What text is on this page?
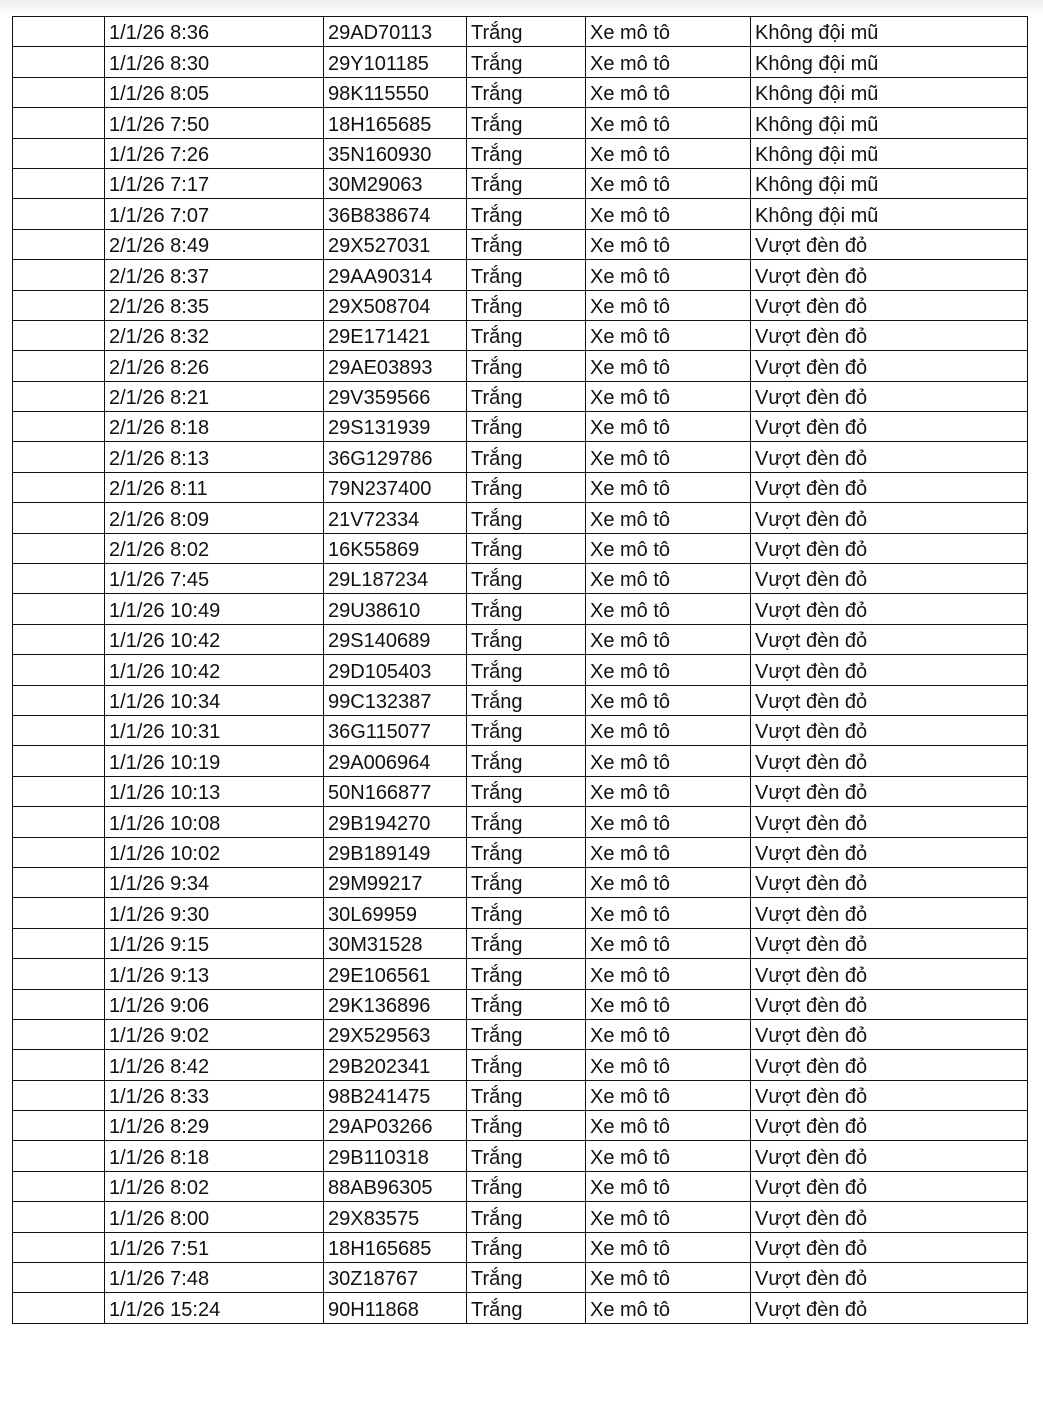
	1/1/26 8:36	29AD70113	Trắng	Xe mô tô	Không đội mũ
	1/1/26 8:30	29Y101185	Trắng	Xe mô tô	Không đội mũ
	1/1/26 8:05	98K115550	Trắng	Xe mô tô	Không đội mũ
	1/1/26 7:50	18H165685	Trắng	Xe mô tô	Không đội mũ
	1/1/26 7:26	35N160930	Trắng	Xe mô tô	Không đội mũ
	1/1/26 7:17	30M29063	Trắng	Xe mô tô	Không đội mũ
	1/1/26 7:07	36B838674	Trắng	Xe mô tô	Không đội mũ
	2/1/26 8:49	29X527031	Trắng	Xe mô tô	Vượt đèn đỏ
	2/1/26 8:37	29AA90314	Trắng	Xe mô tô	Vượt đèn đỏ
	2/1/26 8:35	29X508704	Trắng	Xe mô tô	Vượt đèn đỏ
	2/1/26 8:32	29E171421	Trắng	Xe mô tô	Vượt đèn đỏ
	2/1/26 8:26	29AE03893	Trắng	Xe mô tô	Vượt đèn đỏ
	2/1/26 8:21	29V359566	Trắng	Xe mô tô	Vượt đèn đỏ
	2/1/26 8:18	29S131939	Trắng	Xe mô tô	Vượt đèn đỏ
	2/1/26 8:13	36G129786	Trắng	Xe mô tô	Vượt đèn đỏ
	2/1/26 8:11	79N237400	Trắng	Xe mô tô	Vượt đèn đỏ
	2/1/26 8:09	21V72334	Trắng	Xe mô tô	Vượt đèn đỏ
	2/1/26 8:02	16K55869	Trắng	Xe mô tô	Vượt đèn đỏ
	1/1/26 7:45	29L187234	Trắng	Xe mô tô	Vượt đèn đỏ
	1/1/26 10:49	29U38610	Trắng	Xe mô tô	Vượt đèn đỏ
	1/1/26 10:42	29S140689	Trắng	Xe mô tô	Vượt đèn đỏ
	1/1/26 10:42	29D105403	Trắng	Xe mô tô	Vượt đèn đỏ
	1/1/26 10:34	99C132387	Trắng	Xe mô tô	Vượt đèn đỏ
	1/1/26 10:31	36G115077	Trắng	Xe mô tô	Vượt đèn đỏ
	1/1/26 10:19	29A006964	Trắng	Xe mô tô	Vượt đèn đỏ
	1/1/26 10:13	50N166877	Trắng	Xe mô tô	Vượt đèn đỏ
	1/1/26 10:08	29B194270	Trắng	Xe mô tô	Vượt đèn đỏ
	1/1/26 10:02	29B189149	Trắng	Xe mô tô	Vượt đèn đỏ
	1/1/26 9:34	29M99217	Trắng	Xe mô tô	Vượt đèn đỏ
	1/1/26 9:30	30L69959	Trắng	Xe mô tô	Vượt đèn đỏ
	1/1/26 9:15	30M31528	Trắng	Xe mô tô	Vượt đèn đỏ
	1/1/26 9:13	29E106561	Trắng	Xe mô tô	Vượt đèn đỏ
	1/1/26 9:06	29K136896	Trắng	Xe mô tô	Vượt đèn đỏ
	1/1/26 9:02	29X529563	Trắng	Xe mô tô	Vượt đèn đỏ
	1/1/26 8:42	29B202341	Trắng	Xe mô tô	Vượt đèn đỏ
	1/1/26 8:33	98B241475	Trắng	Xe mô tô	Vượt đèn đỏ
	1/1/26 8:29	29AP03266	Trắng	Xe mô tô	Vượt đèn đỏ
	1/1/26 8:18	29B110318	Trắng	Xe mô tô	Vượt đèn đỏ
	1/1/26 8:02	88AB96305	Trắng	Xe mô tô	Vượt đèn đỏ
	1/1/26 8:00	29X83575	Trắng	Xe mô tô	Vượt đèn đỏ
	1/1/26 7:51	18H165685	Trắng	Xe mô tô	Vượt đèn đỏ
	1/1/26 7:48	30Z18767	Trắng	Xe mô tô	Vượt đèn đỏ
	1/1/26 15:24	90H11868	Trắng	Xe mô tô	Vượt đèn đỏ
